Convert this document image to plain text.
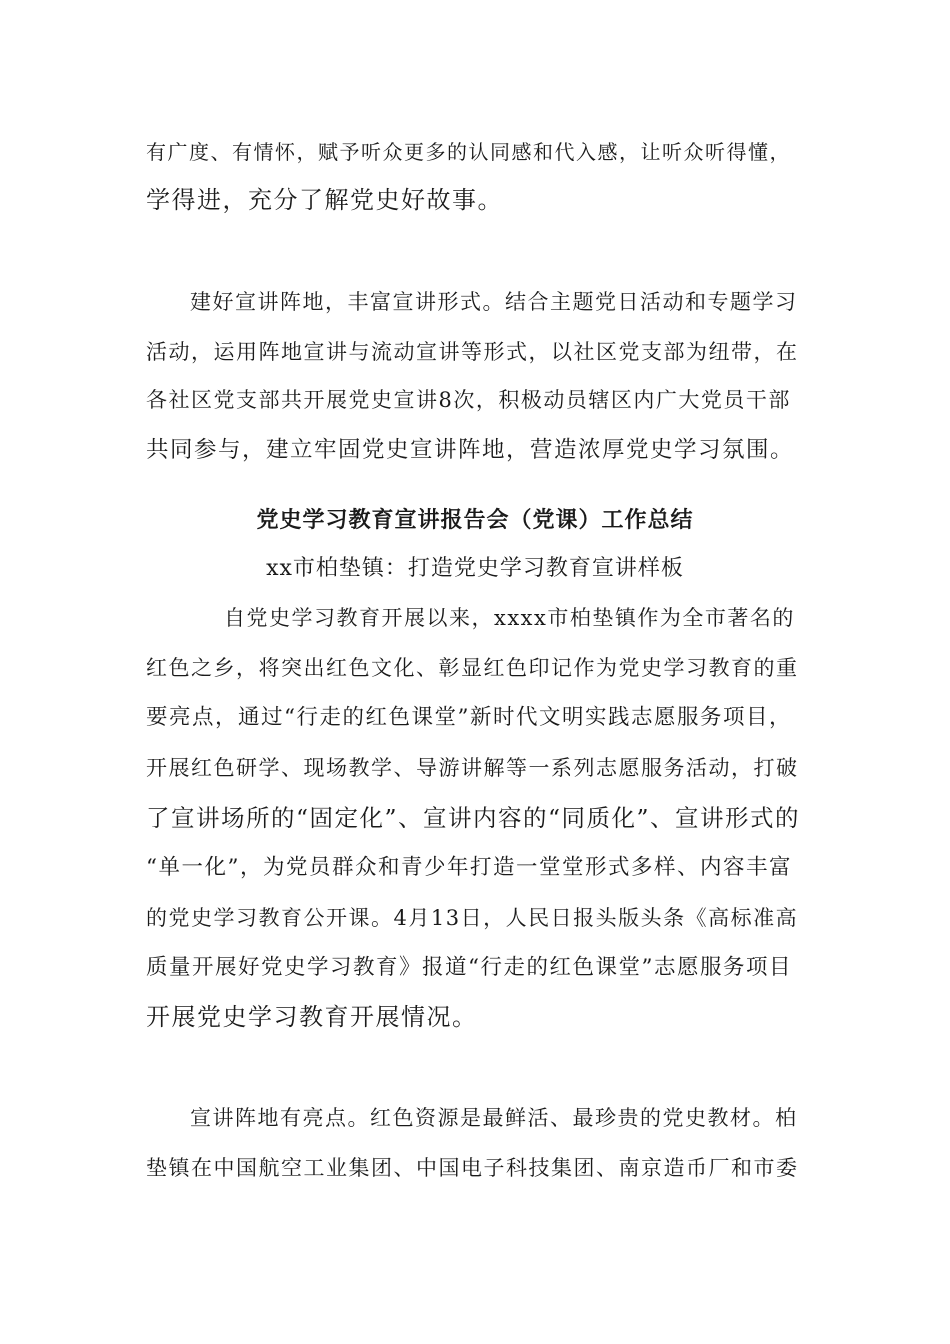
有广度、有情怀，赋予听众更多的认同感和代入感，让听众听得懂，
学得进，充分了解党史好故事。
建好宣讲阵地，丰富宣讲形式。结合主题党日活动和专题学习
活动，运用阵地宣讲与流动宣讲等形式，以社区党支部为纽带，在
各社区党支部共开展党史宣讲8次，积极动员辖区内广大党员干部
共同参与，建立牢固党史宣讲阵地，营造浓厚党史学习氛围。
党史学习教育宣讲报告会（党课）工作总结
xx市柏垫镇：打造党史学习教育宣讲样板
自党史学习教育开展以来，xxxx市柏垫镇作为全市著名的
红色之乡，将突出红色文化、彰显红色印记作为党史学习教育的重
要亮点，通过“行走的红色课堂”新时代文明实践志愿服务项目，
开展红色研学、现场教学、导游讲解等一系列志愿服务活动，打破
了宣讲场所的“固定化”、宣讲内容的“同质化”、宣讲形式的
“单一化”，为党员群众和青少年打造一堂堂形式多样、内容丰富
的党史学习教育公开课。4月13日，人民日报头版头条《高标准高
质量开展好党史学习教育》报道“行走的红色课堂”志愿服务项目
开展党史学习教育开展情况。
宣讲阵地有亮点。红色资源是最鲜活、最珍贵的党史教材。柏
垫镇在中国航空工业集团、中国电子科技集团、南京造币厂和市委
